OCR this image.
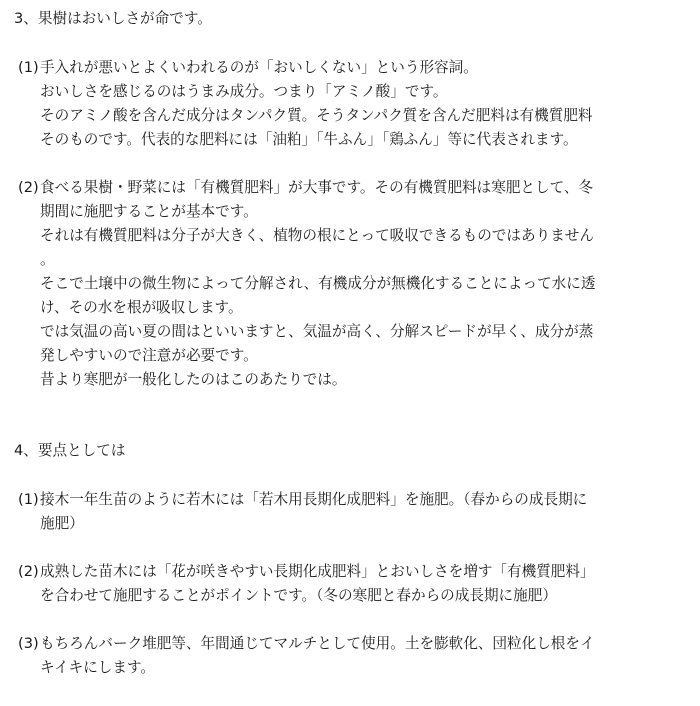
3、果樹はおいしさが命です。
(1) 手入れが悪いとよくいわれるのが「おいしくない」という形容詞。
おいしさを感じるのはうまみ成分。つまり「アミノ酸」です。
そのアミノ酸を含んだ成分はタンパク質。そうタンパク質を含んだ肥料は有機質肥料
そのものです。代表的な肥料には「油粕」「牛ふん」「鶏ふん」等に代表されます。
(2) 食べる果樹・野菜には「有機質肥料」が大事です。その有機質肥料は寒肥として、冬
期間に施肥することが基本です。
それは有機質肥料は分子が大きく、植物の根にとって吸収できるものではありません
。
そこで土壌中の微生物によって分解され、有機成分が無機化することによって水に透
け、その水を根が吸収します。
では気温の高い夏の間はといいますと、気温が高く、分解スピードが早く、成分が蒸
発しやすいので注意が必要です。
昔より寒肥が一般化したのはこのあたりでは。
4、要点としては
(1) 接木一年生苗のように若木には「若木用長期化成肥料」を施肥。（春からの成長期に
施肥）
(2) 成熟した苗木には「花が咲きやすい長期化成肥料」とおいしさを増す「有機質肥料」
を合わせて施肥することがポイントです。（冬の寒肥と春からの成長期に施肥）
(3) もちろんバーク堆肥等、年間通じてマルチとして使用。土を膨軟化、団粒化し根をイ
キイキにします。
